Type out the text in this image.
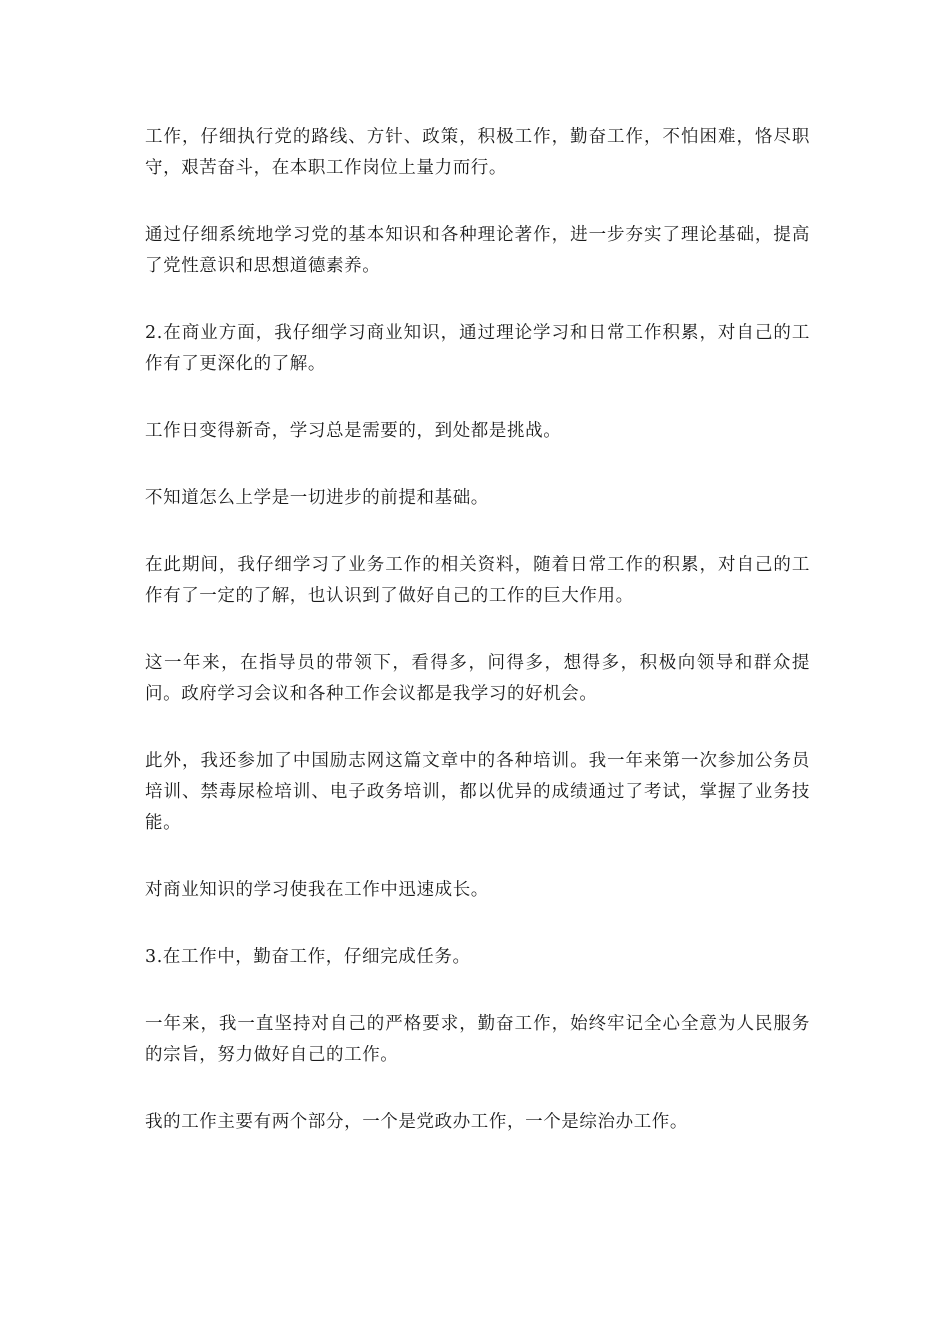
工作，仔细执行党的路线、方针、政策，积极工作，勤奋工作，不怕困难，恪尽职守，艰苦奋斗，在本职工作岗位上量力而行。

通过仔细系统地学习党的基本知识和各种理论著作，进一步夯实了理论基础，提高了党性意识和思想道德素养。

2.在商业方面，我仔细学习商业知识，通过理论学习和日常工作积累，对自己的工作有了更深化的了解。

工作日变得新奇，学习总是需要的，到处都是挑战。

不知道怎么上学是一切进步的前提和基础。

在此期间，我仔细学习了业务工作的相关资料，随着日常工作的积累，对自己的工作有了一定的了解，也认识到了做好自己的工作的巨大作用。

这一年来，在指导员的带领下，看得多，问得多，想得多，积极向领导和群众提问。政府学习会议和各种工作会议都是我学习的好机会。

此外，我还参加了中国励志网这篇文章中的各种培训。我一年来第一次参加公务员培训、禁毒尿检培训、电子政务培训，都以优异的成绩通过了考试，掌握了业务技能。

对商业知识的学习使我在工作中迅速成长。

3.在工作中，勤奋工作，仔细完成任务。

一年来，我一直坚持对自己的严格要求，勤奋工作，始终牢记全心全意为人民服务的宗旨，努力做好自己的工作。

我的工作主要有两个部分，一个是党政办工作，一个是综治办工作。
